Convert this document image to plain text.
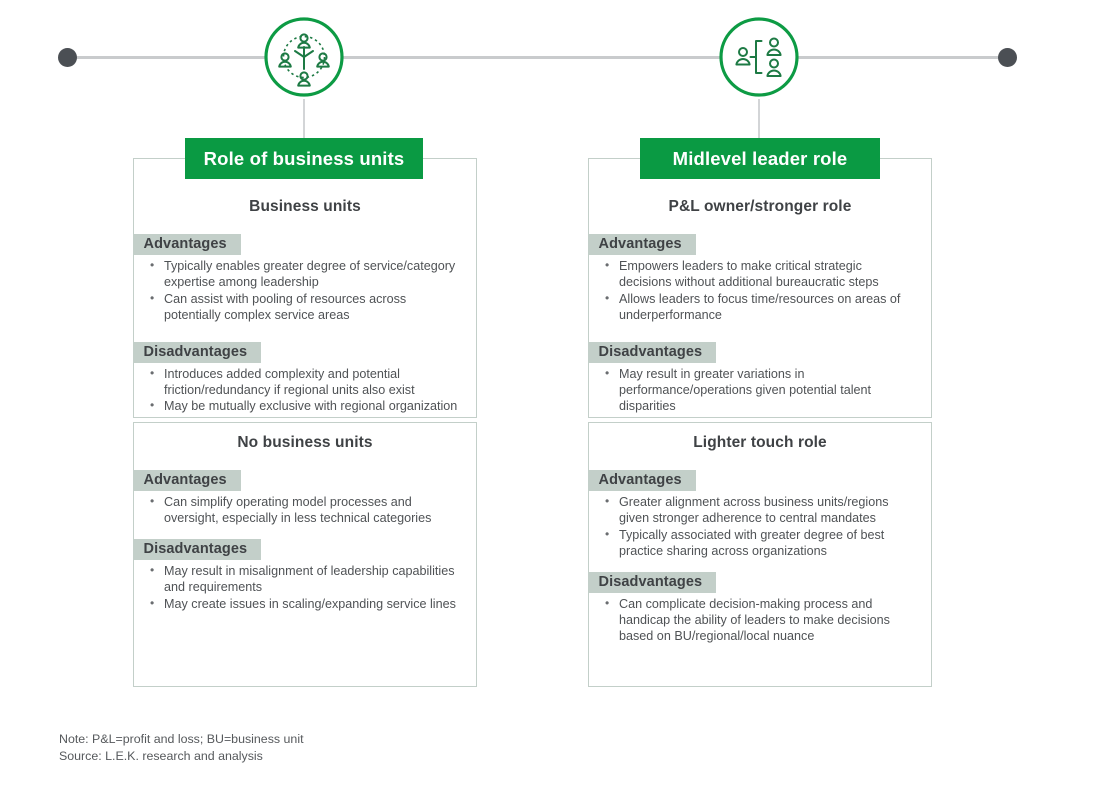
Role of business units
Business units
Advantages
• Typically enables greater degree of service/category expertise among leadership
• Can assist with pooling of resources across potentially complex service areas
Disadvantages
• Introduces added complexity and potential friction/redundancy if regional units also exist
• May be mutually exclusive with regional organization
No business units
Advantages
• Can simplify operating model processes and oversight, especially in less technical categories
Disadvantages
• May result in misalignment of leadership capabilities and requirements
• May create issues in scaling/expanding service lines
Midlevel leader role
P&L owner/stronger role
Advantages
• Empowers leaders to make critical strategic decisions without additional bureaucratic steps
• Allows leaders to focus time/resources on areas of underperformance
Disadvantages
• May result in greater variations in performance/operations given potential talent disparities
Lighter touch role
Advantages
• Greater alignment across business units/regions given stronger adherence to central mandates
• Typically associated with greater degree of best practice sharing across organizations
Disadvantages
• Can complicate decision-making process and handicap the ability of leaders to make decisions based on BU/regional/local nuance
Note: P&L=profit and loss; BU=business unit
Source: L.E.K. research and analysis
